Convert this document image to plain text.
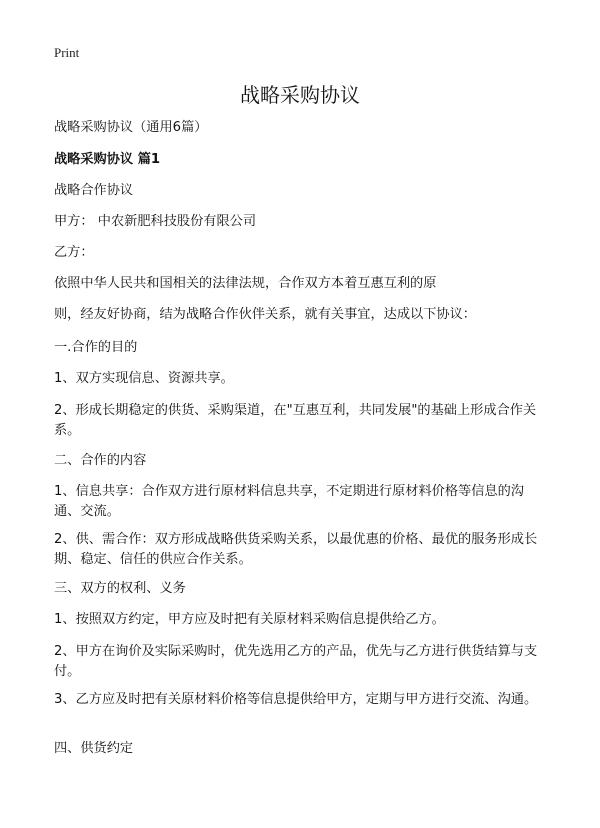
Print
战略采购协议
战略采购协议（通用6篇）
战略采购协议 篇1
战略合作协议
甲方： 中农新肥科技股份有限公司
乙方：
依照中华人民共和国相关的法律法规，合作双方本着互惠互利的原
则，经友好协商，结为战略合作伙伴关系，就有关事宜，达成以下协议：
一.合作的目的
1、双方实现信息、资源共享。
2、形成长期稳定的供货、采购渠道，在"互惠互利，共同发展"的基础上形成合作关系。
二、合作的内容
1、信息共享：合作双方进行原材料信息共享，不定期进行原材料价格等信息的沟通、交流。
2、供、需合作：双方形成战略供货采购关系，以最优惠的价格、最优的服务形成长期、稳定、信任的供应合作关系。
三、双方的权利、义务
1、按照双方约定，甲方应及时把有关原材料采购信息提供给乙方。
2、甲方在询价及实际采购时，优先选用乙方的产品，优先与乙方进行供货结算与支付。
3、乙方应及时把有关原材料价格等信息提供给甲方，定期与甲方进行交流、沟通。
四、供货约定
